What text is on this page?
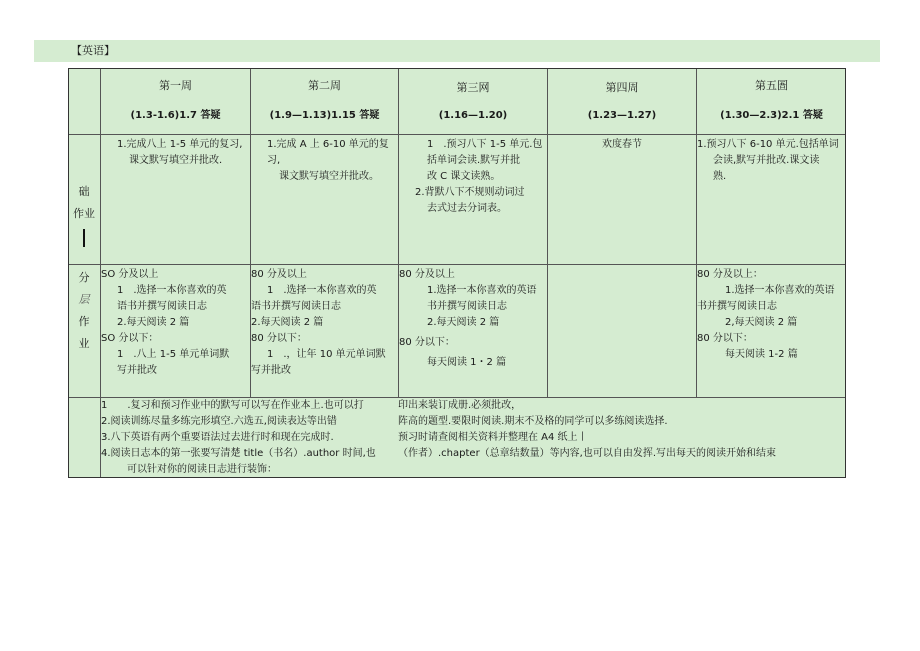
【英语】

第一周

(1.3-1.6)1.7 答疑

第二周

(1.9—1.13)1.15 答疑

第三网

(1.16—1.20)

第四周

(1.23—1.27)

第五圄

(1.30—2.3)2.1 答疑

础

作业

1.完成八上 1-5 单元的复习,

课文默写填空并批改.

1.完成 A 上 6-10 单元的复习,

课文默写填空并批改。

1　.预习八下 1-5 单元.包

括单词会读.默写并批

改 C 课文读熟。

2.背默八下不规则动词过

去式过去分词表。

欢度春节	1.预习八下 6-10 单元.包括单词

会读,默写并批改.课文读

熟.

分

层

作

业

SO 分及以上

1　.选择一本你喜欢的英

语书并撰写阅读日志

2.每天阅读 2 篇

SO 分以下：

1　.八上 1-5 单元单词默

写并批改

80 分及以上

1　.选择一本你喜欢的英

语书并撰写阅读日志

2.每天阅读 2 篇

80 分以下：

1　.，让年 10 单元单词默

写并批改

80 分及以上

1.选择一本你喜欢的英语

书并撰写阅读日志

2.每天阅读 2 篇

80 分以下：

每天阅读 1・2 篇

80 分及以上：

1.选择一本你喜欢的英语

书并撰写阅读日志

2,每天阅读 2 篇

80 分以下：

每天阅读 1-2 篇

1　　.复习和预习作业中的默写可以写在作业本上.也可以打

2.阅读训练尽量多练完形填空.六选五,阅读表达等出错

3.八下英语有两个重要语法过去进行时和现在完成时.

4.阅读日志本的第一张要写清楚 title（书名）.author 时间,也

　可以针对你的阅读日志进行装饰：

印出来装订成册.必须批改，

阵高的题型.要限时阅读.期末不及格的同学可以多练阅读选择.

预习时请查阅相关资料并整理在 A4 纸上丨

（作者）.chapter（总章结数量）等内容,也可以自由发挥.写出每天的阅读开始和结束
